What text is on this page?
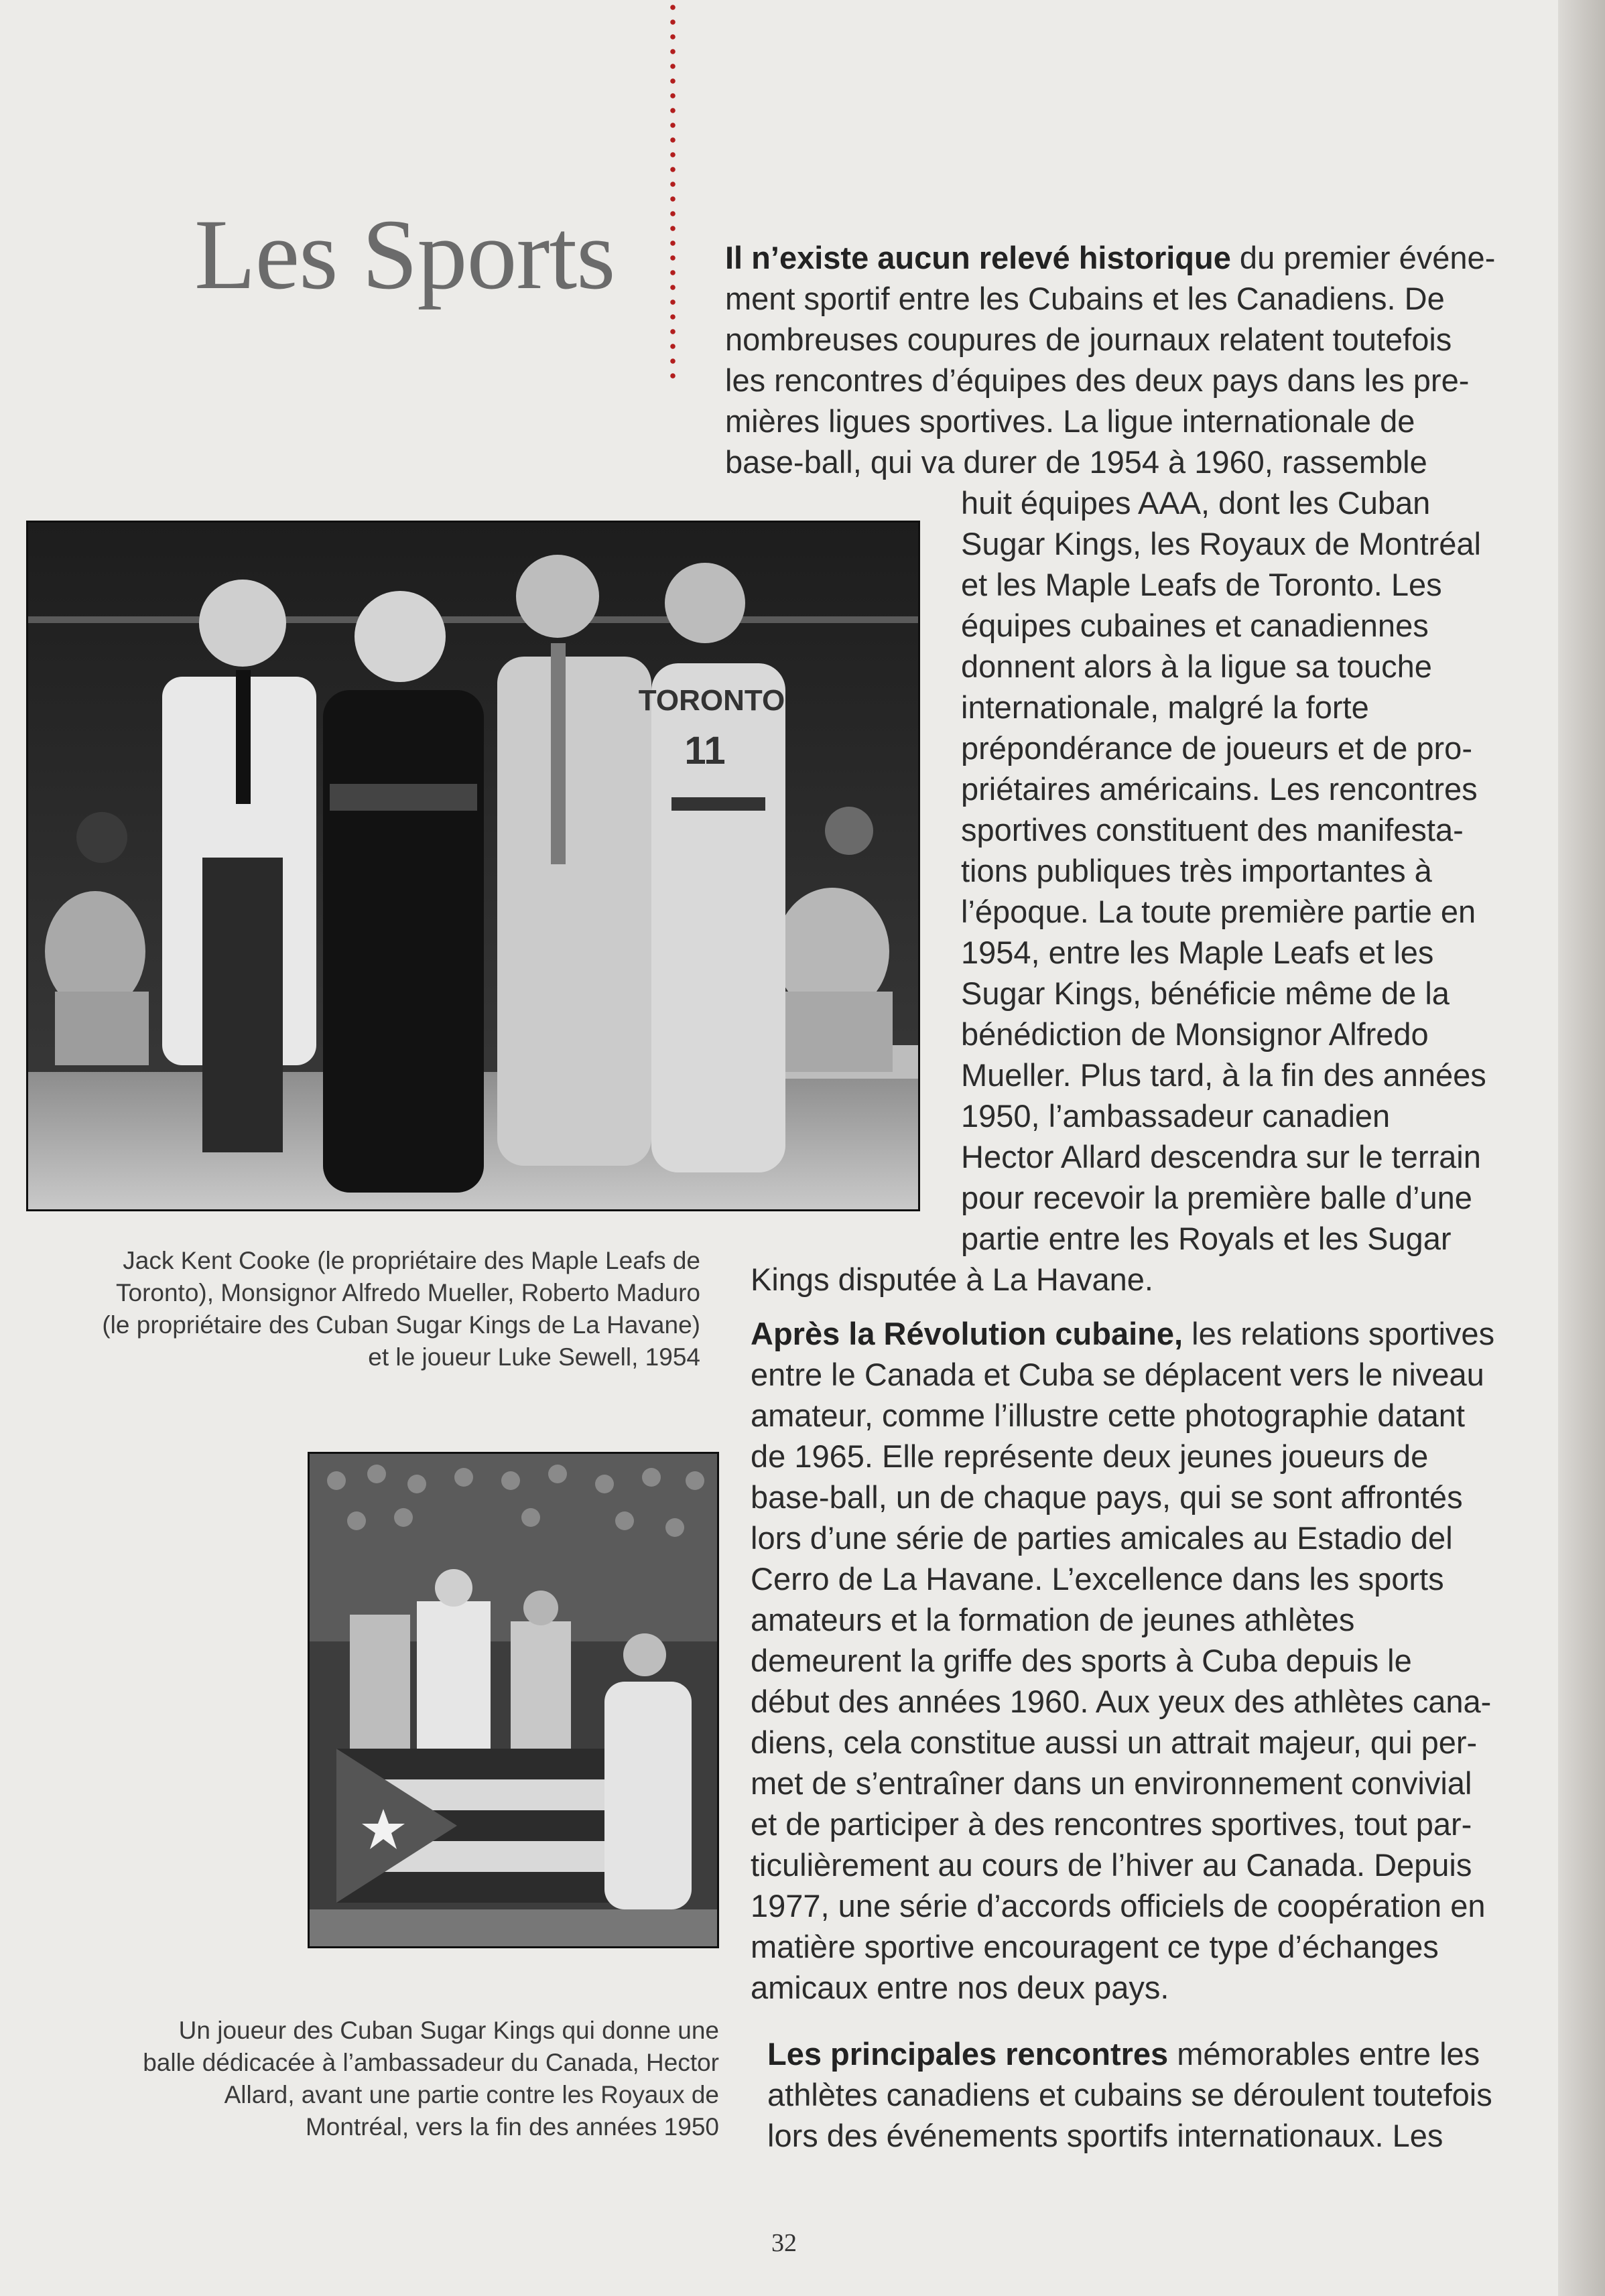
Les Sports	Il n’existe aucun relevé historique du premier événe-

ment sportif entre les Cubains et les Canadiens. De

nombreuses coupures de journaux relatent toutefois

les rencontres d’équipes des deux pays dans les pre-

mières ligues sportives. La ligue internationale de

base-ball, qui va durer de 1954 à 1960, rassemble

huit équipes AAA, dont les Cuban

Sugar Kings, les Royaux de Montréal

et les Maple Leafs de Toronto. Les

équipes cubaines et canadiennes

donnent alors à la ligue sa touche

internationale, malgré la forte

prépondérance de joueurs et de pro-

priétaires américains. Les rencontres

sportives constituent des manifesta-

tions publiques très importantes à

l’époque. La toute première partie en

1954, entre les Maple Leafs et les

Sugar Kings, bénéficie même de la

bénédiction de Monsignor Alfredo

Mueller. Plus tard, à la fin des années

1950, l’ambassadeur canadien

Hector Allard descendra sur le terrain

pour recevoir la première balle d’une

partie entre les Royals et les Sugar

Kings disputée à La Havane.

Après la Révolution cubaine, les relations sportives

entre le Canada et Cuba se déplacent vers le niveau

amateur, comme l’illustre cette photographie datant

de 1965. Elle représente deux jeunes joueurs de

base-ball, un de chaque pays, qui se sont affrontés

lors d’une série de parties amicales au Estadio del

Cerro de La Havane. L’excellence dans les sports

amateurs et la formation de jeunes athlètes

demeurent la griffe des sports à Cuba depuis le

début des années 1960. Aux yeux des athlètes cana-

diens, cela constitue aussi un attrait majeur, qui per-

met de s’entraîner dans un environnement convivial

et de participer à des rencontres sportives, tout par-

ticulièrement au cours de l’hiver au Canada. Depuis

1977, une série d’accords officiels de coopération en

matière sportive encouragent ce type d’échanges

amicaux entre nos deux pays.

Les principales rencontres mémorables entre les

athlètes canadiens et cubains se déroulent toutefois

lors des événements sportifs internationaux. Les

TORONTO
11

Jack Kent Cooke (le propriétaire des Maple Leafs de
Toronto), Monsignor Alfredo Mueller, Roberto Maduro
(le propriétaire des Cuban Sugar Kings de La Havane)
et le joueur Luke Sewell, 1954

Un joueur des Cuban Sugar Kings qui donne une
balle dédicacée à l’ambassadeur du Canada, Hector
Allard, avant une partie contre les Royaux de
Montréal, vers la fin des années 1950

32
